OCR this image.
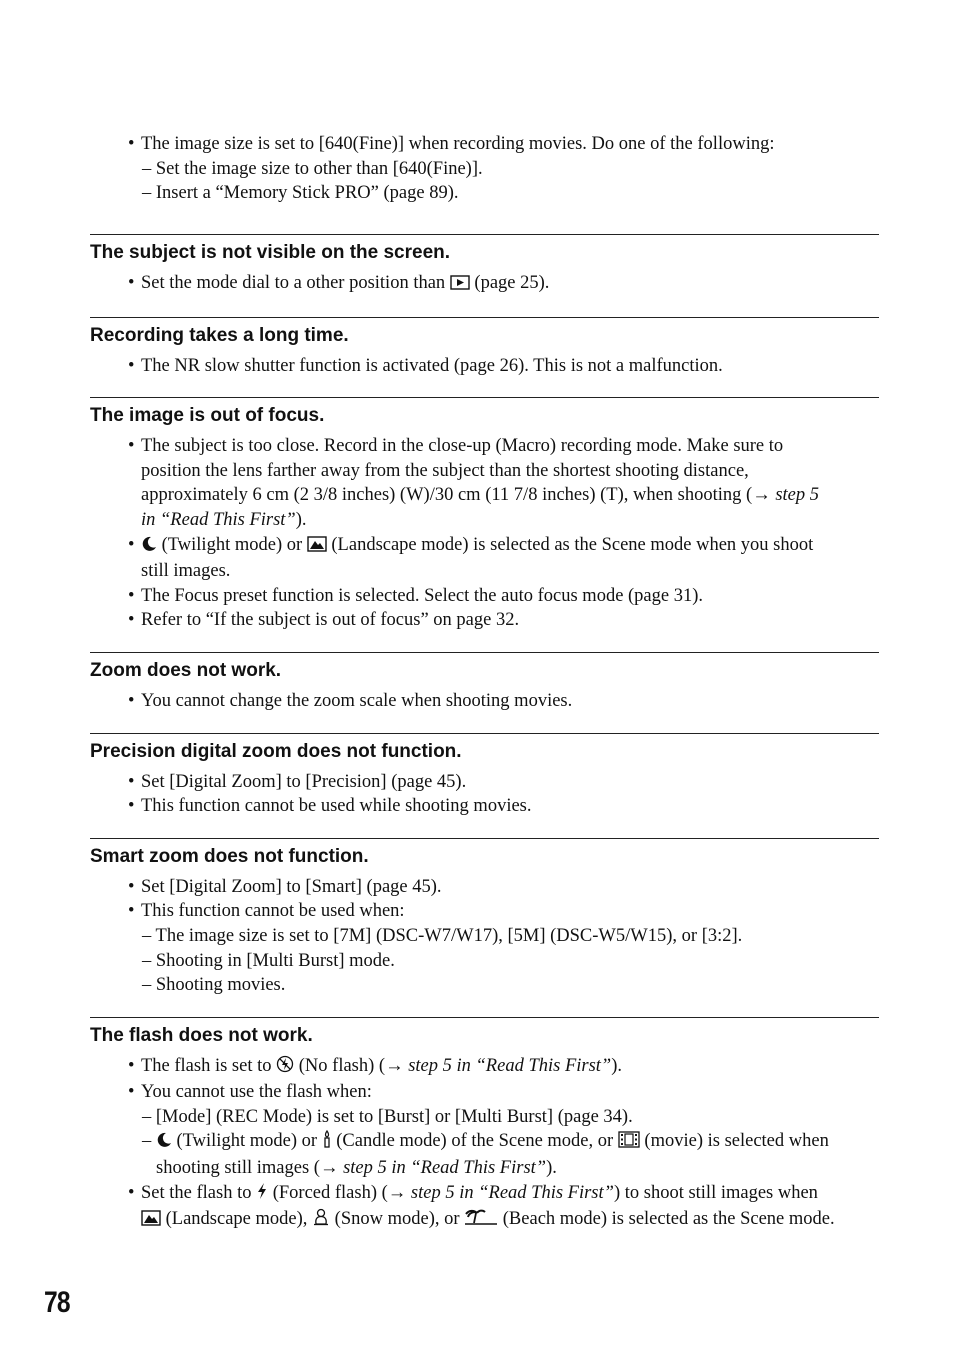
• The image size is set to [640(Fine)] when recording movies. Do one of the following:
– Set the image size to other than [640(Fine)].
– Insert a “Memory Stick PRO” (page 89).
The subject is not visible on the screen.
• Set the mode dial to a other position than (page 25).
Recording takes a long time.
• The NR slow shutter function is activated (page 26). This is not a malfunction.
The image is out of focus.
• The subject is too close. Record in the close-up (Macro) recording mode. Make sure to
position the lens farther away from the subject than the shortest shooting distance,
approximately 6 cm (2 3/8 inches) (W)/30 cm (11 7/8 inches) (T), when shooting (→ step 5
in “Read This First”).
• (Twilight mode) or (Landscape mode) is selected as the Scene mode when you shoot
still images.
• The Focus preset function is selected. Select the auto focus mode (page 31).
• Refer to “If the subject is out of focus” on page 32.
Zoom does not work.
• You cannot change the zoom scale when shooting movies.
Precision digital zoom does not function.
• Set [Digital Zoom] to [Precision] (page 45).
• This function cannot be used while shooting movies.
Smart zoom does not function.
• Set [Digital Zoom] to [Smart] (page 45).
• This function cannot be used when:
– The image size is set to [7M] (DSC-W7/W17), [5M] (DSC-W5/W15), or [3:2].
– Shooting in [Multi Burst] mode.
– Shooting movies.
The flash does not work.
• The flash is set to (No flash) (→ step 5 in “Read This First”).
• You cannot use the flash when:
– [Mode] (REC Mode) is set to [Burst] or [Multi Burst] (page 34).
– (Twilight mode) or (Candle mode) of the Scene mode, or (movie) is selected when
shooting still images (→ step 5 in “Read This First”).
• Set the flash to (Forced flash) (→ step 5 in “Read This First”) to shoot still images when
(Landscape mode), (Snow mode), or (Beach mode) is selected as the Scene mode.
78
